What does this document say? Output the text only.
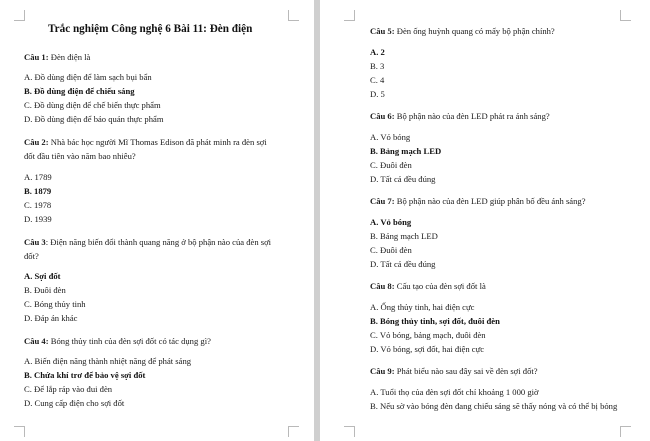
Trắc nghiệm Công nghệ 6 Bài 11: Đèn điện
Câu 1: Đèn điện là
A. Đồ dùng điện để làm sạch bụi bẩn
B. Đồ dùng điện để chiếu sáng
C. Đồ dùng điện để chế biến thực phẩm
D. Đồ dùng điện để bảo quản thực phẩm
Câu 2: Nhà bác học người Mĩ Thomas Edison đã phát minh ra đèn sợi
đốt đầu tiên vào năm bao nhiêu?
A. 1789
B. 1879
C. 1978
D. 1939
Câu 3: Điện năng biến đổi thành quang năng ở bộ phận nào của đèn sợi
đốt?
A. Sợi đốt
B. Đuôi đèn
C. Bóng thủy tinh
D. Đáp án khác
Câu 4: Bóng thủy tinh của đèn sợi đốt có tác dụng gì?
A. Biến điện năng thành nhiệt năng để phát sáng
B. Chứa khí trơ để bảo vệ sợi đốt
C. Để lắp ráp vào đui đèn
D. Cung cấp điện cho sợi đốt
Câu 5: Đèn ống huỳnh quang có mấy bộ phận chính?
A. 2
B. 3
C. 4
D. 5
Câu 6: Bộ phận nào của đèn LED phát ra ánh sáng?
A. Vỏ bóng
B. Bảng mạch LED
C. Đuôi đèn
D. Tất cả đều đúng
Câu 7: Bộ phận nào của đèn LED giúp phân bố đều ánh sáng?
A. Vỏ bóng
B. Bảng mạch LED
C. Đuôi đèn
D. Tất cả đều đúng
Câu 8: Cấu tạo của đèn sợi đốt là
A. Ống thủy tinh, hai điện cực
B. Bóng thủy tinh, sợi đốt, đuôi đèn
C. Vỏ bóng, bảng mạch, đuôi đèn
D. Vỏ bóng, sợi đốt, hai điện cực
Câu 9: Phát biểu nào sau đây sai về đèn sợi đốt?
A. Tuổi thọ của đèn sợi đốt chỉ khoảng 1 000 giờ
B. Nếu sờ vào bóng đèn đang chiếu sáng sẽ thấy nóng và có thể bị bỏng
